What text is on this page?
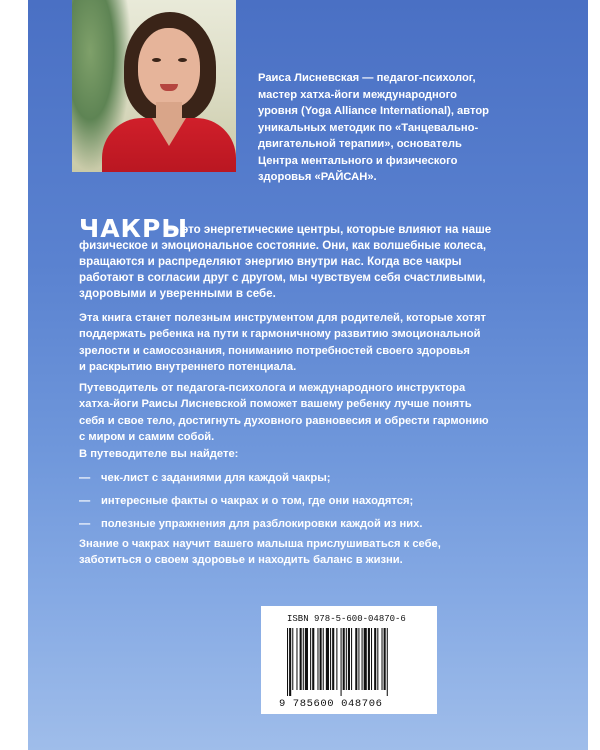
Раиса Лисневская — педагог-психолог,
мастер хатха-йоги международного
уровня (Yoga Alliance International), автор
уникальных методик по «Танцевально-
двигательной терапии», основатель
Центра ментального и физического
здоровья «РАЙСАН».
ЧАКРЫ
— это энергетические центры, которые влияют на наше
физическое и эмоциональное состояние. Они, как волшебные колеса,
вращаются и распределяют энергию внутри нас. Когда все чакры
работают в согласии друг с другом, мы чувствуем себя счастливыми,
здоровыми и уверенными в себе.
Эта книга станет полезным инструментом для родителей, которые хотят
поддержать ребенка на пути к гармоничному развитию эмоциональной
зрелости и самосознания, пониманию потребностей своего здоровья
и раскрытию внутреннего потенциала.
Путеводитель от педагога-психолога и международного инструктора
хатха-йоги Раисы Лисневской поможет вашему ребенку лучше понять
себя и свое тело, достигнуть духовного равновесия и обрести гармонию
с миром и самим собой.
В путеводителе вы найдете:
— чек-лист с заданиями для каждой чакры;
— интересные факты о чакрах и о том, где они находятся;
— полезные упражнения для разблокировки каждой из них.
Знание о чакрах научит вашего малыша прислушиваться к себе,
заботиться о своем здоровье и находить баланс в жизни.
ISBN 978-5-600-04870-6
9 785600 048706
